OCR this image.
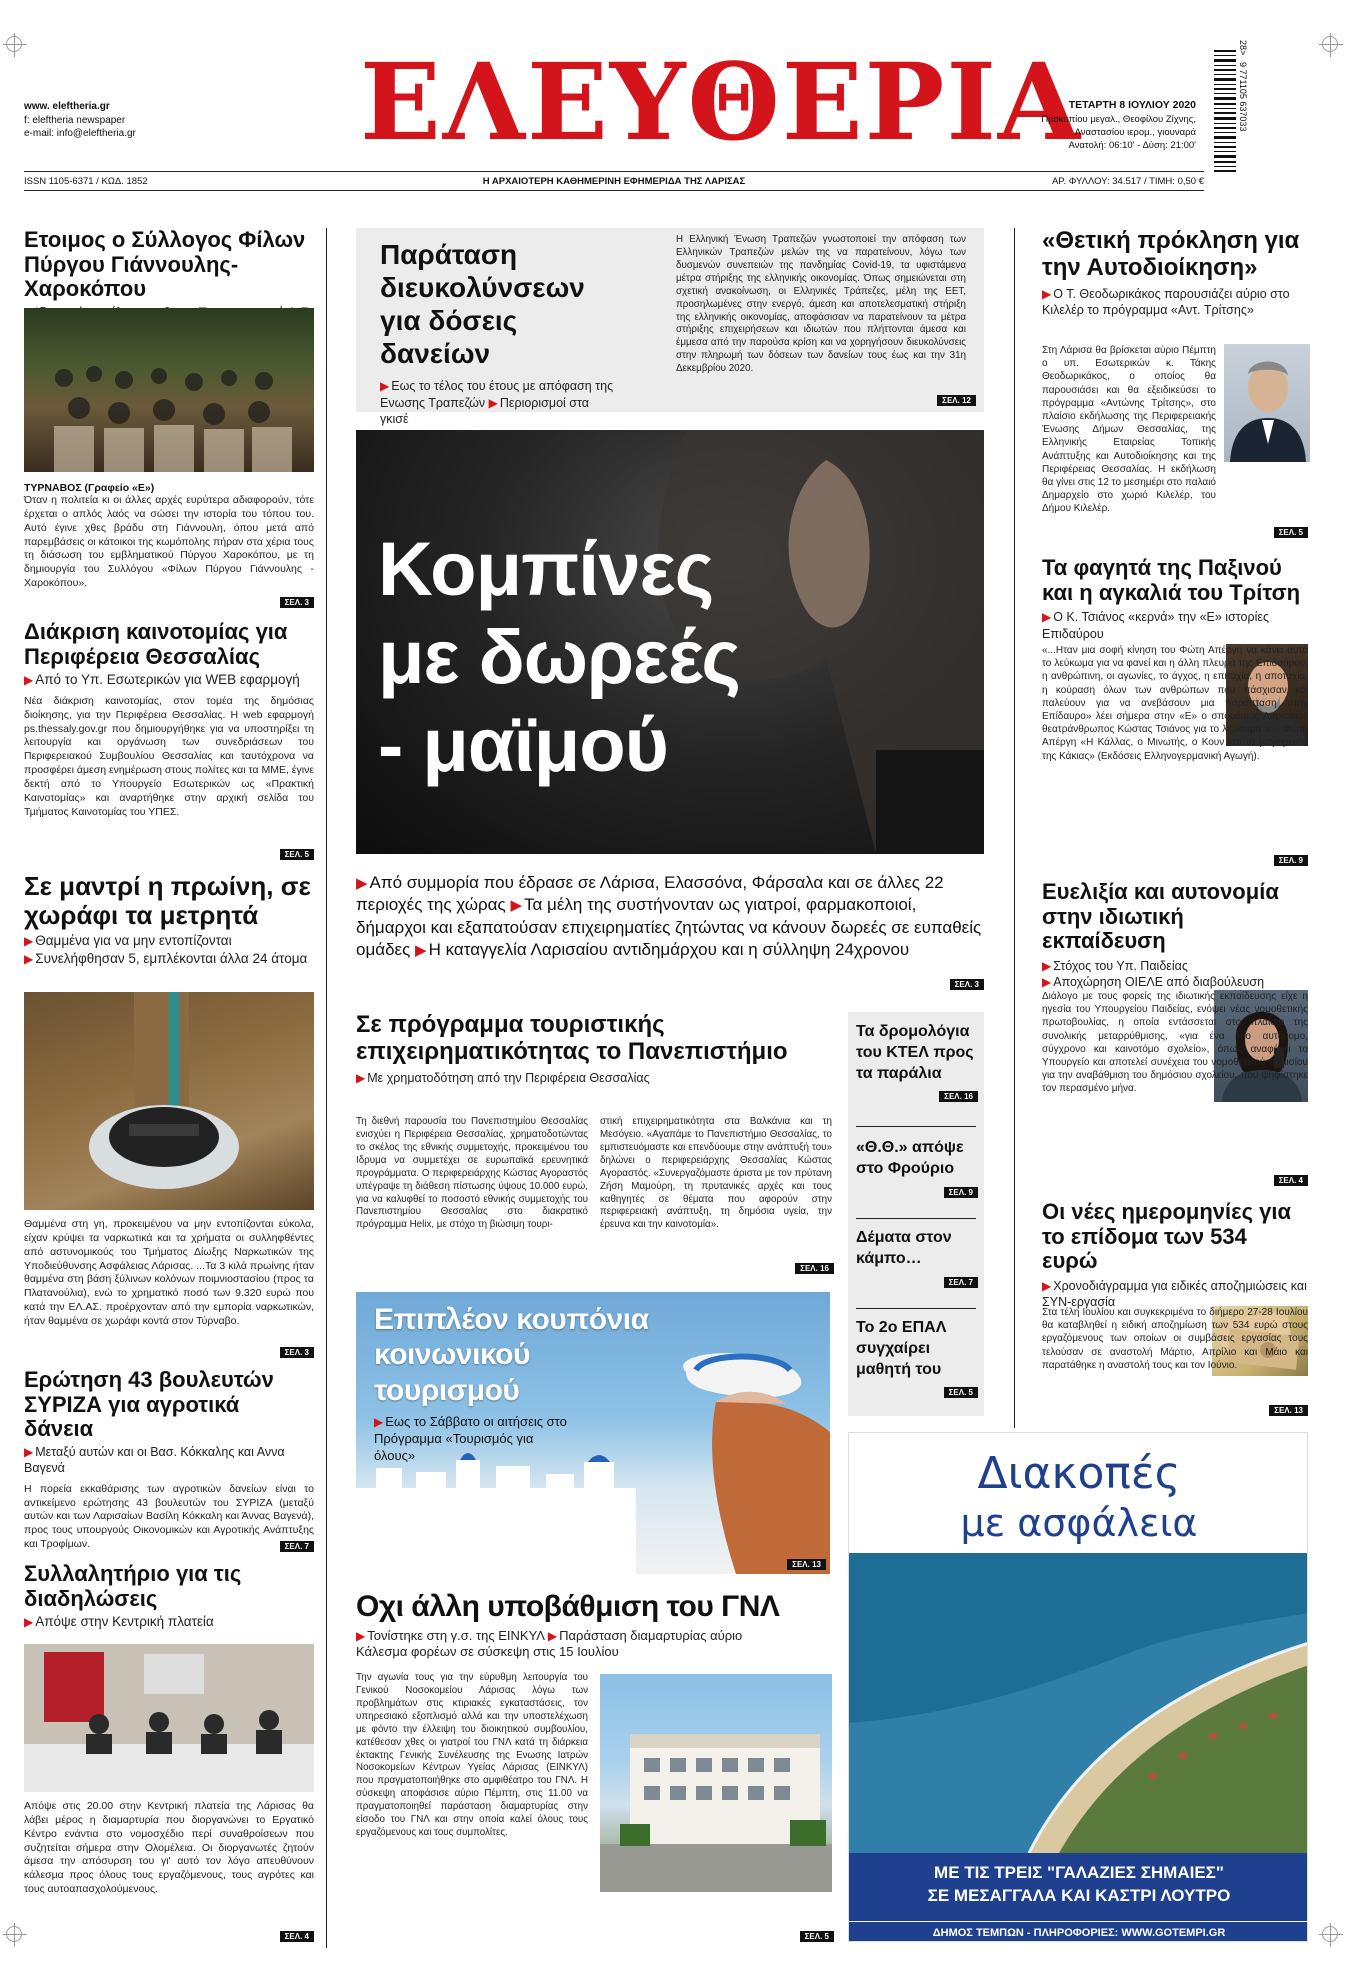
www. eleftheria.gr
f: eleftheria newspaper
e-mail: info@eleftheria.gr ΕΛΕΥΘΕΡΙΑ
ΤΕΤΑΡΤΗ 8 ΙΟΥΛΙΟΥ 2020
Προκοπίου μεγαλ., Θεοφίλου Ζίχνης,
Αναστασίου ιερομ., γιουναρά
Ανατολή: 06:10' - Δύση: 21:00'
28>
9 771105 637033
ISSN 1105-6371 / ΚΩΔ. 1852	Η ΑΡΧΑΙΟΤΕΡΗ ΚΑΘΗΜΕΡΙΝΗ ΕΦΗΜΕΡΙΔΑ ΤΗΣ ΛΑΡΙΣΑΣ	ΑΡ. ΦΥΛΛΟΥ: 34.517 / ΤΙΜΗ: 0,50 €
Ετοιμος ο Σύλλογος Φίλων Πύργου Γιάννουλης-Χαροκόπου
ΤΥΡΝΑΒΟΣ (Γραφείο «Ε»)
Όταν η πολιτεία κι οι άλλες αρχές ευρύτερα αδιαφορούν, τότε έρχεται ο απλός λαός να σώσει την ιστορία του τόπου του. Αυτό έγινε χθες βράδυ στη Γιάννουλη, όπου μετά από παρεμβάσεις οι κάτοικοι της κωμόπολης πήραν στα χέρια τους τη διάσωση του εμβληματικού Πύργου Χαροκόπου, με τη δημιουργία του Συλλόγου «Φίλων Πύργου Γιάννουλης - Χαροκόπου».
ΣΕΛ. 3
Διάκριση καινοτομίας για Περιφέρεια Θεσσαλίας
▶ Από το Υπ. Εσωτερικών για WEB εφαρμογή
Νέα διάκριση καινοτομίας, στον τομέα της δημόσιας διοίκησης, για την Περιφέρεια Θεσσαλίας. Η web εφαρμογή ps.thessaly.gov.gr που δημιουργήθηκε για να υποστηρίξει τη λειτουργία και οργάνωση των συνεδριάσεων του Περιφερειακού Συμβουλίου Θεσσαλίας και ταυτόχρονα να προσφέρει άμεση ενημέρωση στους πολίτες και τα ΜΜΕ, έγινε δεκτή από το Υπουργείο Εσωτερικών ως «Πρακτική Καινοτομίας» και αναρτήθηκε στην αρχική σελίδα του Τμήματος Καινοτομίας του ΥΠΕΣ.
ΣΕΛ. 5
Σε μαντρί η πρωίνη, σε χωράφι τα μετρητά
▶ Θαμμένα για να μην εντοπίζονται
▶ Συνελήφθησαν 5, εμπλέκονται άλλα 24 άτομα
Θαμμένα στη γη, προκειμένου να μην εντοπίζονται εύκολα, είχαν κρύψει τα ναρκωτικά και τα χρήματα οι συλληφθέντες από αστυνομικούς του Τμήματος Δίωξης Ναρκωτικών της Υποδιεύθυνσης Ασφάλειας Λάρισας. ...Τα 3 κιλά πρωίνης ήταν θαμμένα στη βάση ξύλινων κολόνων ποιμνιοστασίου (προς τα Πλατανούλια), ενώ το χρηματικό ποσό των 9.320 ευρώ που κατά την ΕΛ.ΑΣ. προέρχονταν από την εμπορία ναρκωτικών, ήταν θαμμένα σε χωράφι κοντά στον Τύρναβο.
ΣΕΛ. 3
Ερώτηση 43 βουλευτών ΣΥΡΙΖΑ για αγροτικά δάνεια
▶ Μεταξύ αυτών και οι Βασ. Κόκκαλης και Αννα Βαγενά
Η πορεία εκκαθάρισης των αγροτικών δανείων είναι το αντικείμενο ερώτησης 43 βουλευτών του ΣΥΡΙΖΑ (μεταξύ αυτών και των Λαρισαίων Βασίλη Κόκκαλη και Άννας Βαγενά), προς τους υπουργούς Οικονομικών και Αγροτικής Ανάπτυξης και Τροφίμων.	ΣΕΛ. 7
Συλλαλητήριο για τις διαδηλώσεις
▶ Απόψε στην Κεντρική πλατεία
Απόψε στις 20.00 στην Κεντρική πλατεία της Λάρισας θα λάβει μέρος η διαμαρτυρία που διοργανώνει το Εργατικό Κέντρο ενάντια στο νομοσχέδιο περί συναθροίσεων που συζητείται σήμερα στην Ολομέλεια. Οι διοργανωτές ζητούν άμεσα την απόσυρση του γι' αυτό τον λόγο απευθύνουν κάλεσμα προς όλους τους εργαζόμενους, τους αγρότες και τους αυτοαπασχολούμενους.
ΣΕΛ. 4
Παράταση διευκολύνσεων για δόσεις δανείων
▶ Εως το τέλος του έτους με απόφαση της Ενωσης Τραπεζών ▶ Περιορισμοί στα γκισέ
Η Ελληνική Ένωση Τραπεζών γνωστοποιεί την απόφαση των Ελληνικών Τραπεζών μελών της να παρατείνουν, λόγω των δυσμενών συνεπειών της πανδημίας Covid-19, τα υφιστάμενα μέτρα στήριξης της ελληνικής οικονομίας. Όπως σημειώνεται στη σχετική ανακοίνωση, οι Ελληνικές Τράπεζες, μέλη της ΕΕΤ, προσηλωμένες στην ενεργό, άμεση και αποτελεσματική στήριξη της ελληνικής οικονομίας, αποφάσισαν να παρατείνουν τα μέτρα στήριξης επιχειρήσεων και ιδιωτών που πλήττονται άμεσα και έμμεσα από την παρούσα κρίση και να χορηγήσουν διευκολύνσεις στην πληρωμή των δόσεων των δανείων τους έως και την 31η Δεκεμβρίου 2020.
ΣΕΛ. 12
Κομπίνες
με δωρεές
- μαϊμού
▶ Από συμμορία που έδρασε σε Λάρισα, Ελασσόνα, Φάρσαλα και σε άλλες 22 περιοχές της χώρας ▶ Τα μέλη της συστήνονταν ως γιατροί, φαρμακοποιοί, δήμαρχοι και εξαπατούσαν επιχειρηματίες ζητώντας να κάνουν δωρεές σε ευπαθείς ομάδες ▶ Η καταγγελία Λαρισαίου αντιδημάρχου και η σύλληψη 24χρονου
ΣΕΛ. 3
Σε πρόγραμμα τουριστικής επιχειρηματικότητας το Πανεπιστήμιο
▶ Με χρηματοδότηση από την Περιφέρεια Θεσσαλίας
Τη διεθνή παρουσία του Πανεπιστημίου Θεσσαλίας ενισχύει η Περιφέρεια Θεσσαλίας, χρηματοδοτώντας το σκέλος της εθνικής συμμετοχής, προκειμένου του Ιδρυμα να συμμετέχει σε ευρωπαϊκά ερευνητικά προγράμματα. Ο περιφερειάρχης Κώστας Αγοραστός υπέγραψε τη διάθεση πίστωσης ύψους 10.000 ευρώ, για να καλυφθεί το ποσοστό εθνικής συμμετοχής του Πανεπιστημίου Θεσσαλίας στο διακρατικό πρόγραμμα Helix, με στόχο τη βιώσιμη τουρι-
στική επιχειρηματικότητα στα Βαλκάνια και τη Μεσόγειο. «Αγαπάμε το Πανεπιστήμιο Θεσσαλίας, το εμπιστευόμαστε και επενδύουμε στην ανάπτυξή του» δηλώνει ο περιφερειάρχης Θεσσαλίας Κώστας Αγοραστός. «Συνεργαζόμαστε άριστα με τον πρύτανη Ζήση Μαμούρη, τη πρυτανικές αρχές και τους καθηγητές σε θέματα που αφορούν στην περιφερειακή ανάπτυξη, τη δημόσια υγεία, την έρευνα και την καινοτομία».
ΣΕΛ. 16
Τα δρομολόγια του ΚΤΕΛ προς τα παράλια
ΣΕΛ. 16
«Θ.Θ.» απόψε στο Φρούριο
ΣΕΛ. 9
Δέματα στον κάμπο…
ΣΕΛ. 7
Το 2ο ΕΠΑΛ συγχαίρει μαθητή του
ΣΕΛ. 5
Επιπλέον κουπόνια κοινωνικού τουρισμού
▶ Εως το Σάββατο οι αιτήσεις στο Πρόγραμμα «Τουρισμός για όλους»
ΣΕΛ. 13
Οχι άλλη υποβάθμιση του ΓΝΛ
▶ Τονίστηκε στη γ.σ. της ΕΙΝΚΥΛ ▶ Παράσταση διαμαρτυρίας αύριο
Κάλεσμα φορέων σε σύσκεψη στις 15 Ιουλίου
Την αγωνία τους για την εύρυθμη λειτουργία του Γενικού Νοσοκομείου Λάρισας λόγω των προβλημάτων στις κτιριακές εγκαταστάσεις, τον υπηρεσιακό εξοπλισμό αλλά και την υποστελέχωση με φόντο την έλλειψη του διοικητικού συμβουλίου, κατέθεσαν χθες οι γιατροί του ΓΝΛ κατά τη διάρκεια έκτακτης Γενικής Συνέλευσης της Ενωσης Ιατρών Νοσοκομείων Κέντρων Υγείας Λάρισας (ΕΙΝΚΥΛ) που πραγματοποιήθηκε στο αμφιθέατρο του ΓΝΛ. Η σύσκεψη αποφάσισε αύριο Πέμπτη, στις 11.00 να πραγματοποιηθεί παράσταση διαμαρτυρίας στην είσοδο του ΓΝΛ και στην οποία καλεί όλους τους εργαζόμενους και τους συμπολίτες.
ΣΕΛ. 5
«Θετική πρόκληση για την Αυτοδιοίκηση»
▶ Ο Τ. Θεοδωρικάκος παρουσιάζει αύριο στο Κιλελέρ το πρόγραμμα «Αντ. Τρίτσης»
Στη Λάρισα θα βρίσκεται αύριο Πέμπτη ο υπ. Εσωτερικών κ. Τάκης Θεοδωρικάκος, ο οποίος θα παρουσιάσει και θα εξειδικεύσει το πρόγραμμα «Αντώνης Τρίτσης», στο πλαίσιο εκδήλωσης της Περιφερειακής Ένωσης Δήμων Θεσσαλίας, της Ελληνικής Εταιρείας Τοπικής Ανάπτυξης και Αυτοδιοίκησης και της Περιφέρειας Θεσσαλίας. Η εκδήλωση θα γίνει στις 12 το μεσημέρι στο παλαιό Δημαρχείο στο χωριό Κιλελέρ, του Δήμου Κιλελέρ.
ΣΕΛ. 5
Τα φαγητά της Παξινού και η αγκαλιά του Τρίτση
▶ Ο Κ. Τσιάνος «κερνά» την «Ε» ιστορίες Επιδαύρου
«...Ηταν μια σοφή κίνηση του Φώτη Απέργη να κάνει αυτό το λεύκωμα για να φανεί και η άλλη πλευρά της Επιδαύρου, η ανθρώπινη, οι αγωνίες, το άγχος, η επιτυχία, η αποτυχία, η κούραση όλων των ανθρώπων που πάσχισαν και παλεύουν για να ανεβάσουν μια παράσταση στην Επίδαυρο» λέει σήμερα στην «Ε» ο σπουδαίος Λαρισαίος θεατράνθρωπος Κώστας Τσιάνος για το λεύκωμα του Φώτη Απέργη «Η Κάλλας, ο Μινωτής, ο Κουν και τα μαγειρευτά της Κάκιας» (Εκδόσεις Ελληνογερμανική Αγωγή).
ΣΕΛ. 9
Ευελιξία και αυτονομία στην ιδιωτική εκπαίδευση
▶ Στόχος του Υπ. Παιδείας
▶ Αποχώρηση ΟΙΕΛΕ από διαβούλευση
Διάλογο με τους φορείς της ιδιωτικής εκπαίδευσης είχε η ηγεσία του Υπουργείου Παιδείας, ενόψει νέας νομοθετικής πρωτοβουλίας, η οποία εντάσσεται στο πλαίσιο της συνολικής μεταρρύθμισης, «για ένα πιο αυτόνομο, σύγχρονο και καινοτόμο σχολείο», όπως αναφέρει το Υπουργείο και αποτελεί συνέχεια του νομοθετικού πλαισίου για την αναβάθμιση του δημόσιου σχολείου, που ψηφίστηκε τον περασμένο μήνα.
ΣΕΛ. 4
Οι νέες ημερομηνίες για το επίδομα των 534 ευρώ
▶ Χρονοδιάγραμμα για ειδικές αποζημιώσεις και ΣΥΝ-εργασία
Στα τέλη Ιουλίου και συγκεκριμένα το διήμερο 27-28 Ιουλίου θα καταβληθεί η ειδική αποζημίωση των 534 ευρώ στους εργαζόμενους των οποίων οι συμβάσεις εργασίας τους τελούσαν σε αναστολή Μάρτιο, Απρίλιο και Μάιο και παρατάθηκε η αναστολή τους και τον Ιούνιο.
ΣΕΛ. 13
Διακοπές
με ασφάλεια
ΜΕ ΤΙΣ ΤΡΕΙΣ "ΓΑΛΑΖΙΕΣ ΣΗΜΑΙΕΣ"
ΣΕ ΜΕΣΑΓΓΑΛΑ ΚΑΙ ΚΑΣΤΡΙ ΛΟΥΤΡΟ
ΔΗΜΟΣ ΤΕΜΠΩΝ - ΠΛΗΡΟΦΟΡΙΕΣ: WWW.GOTEMPI.GR
